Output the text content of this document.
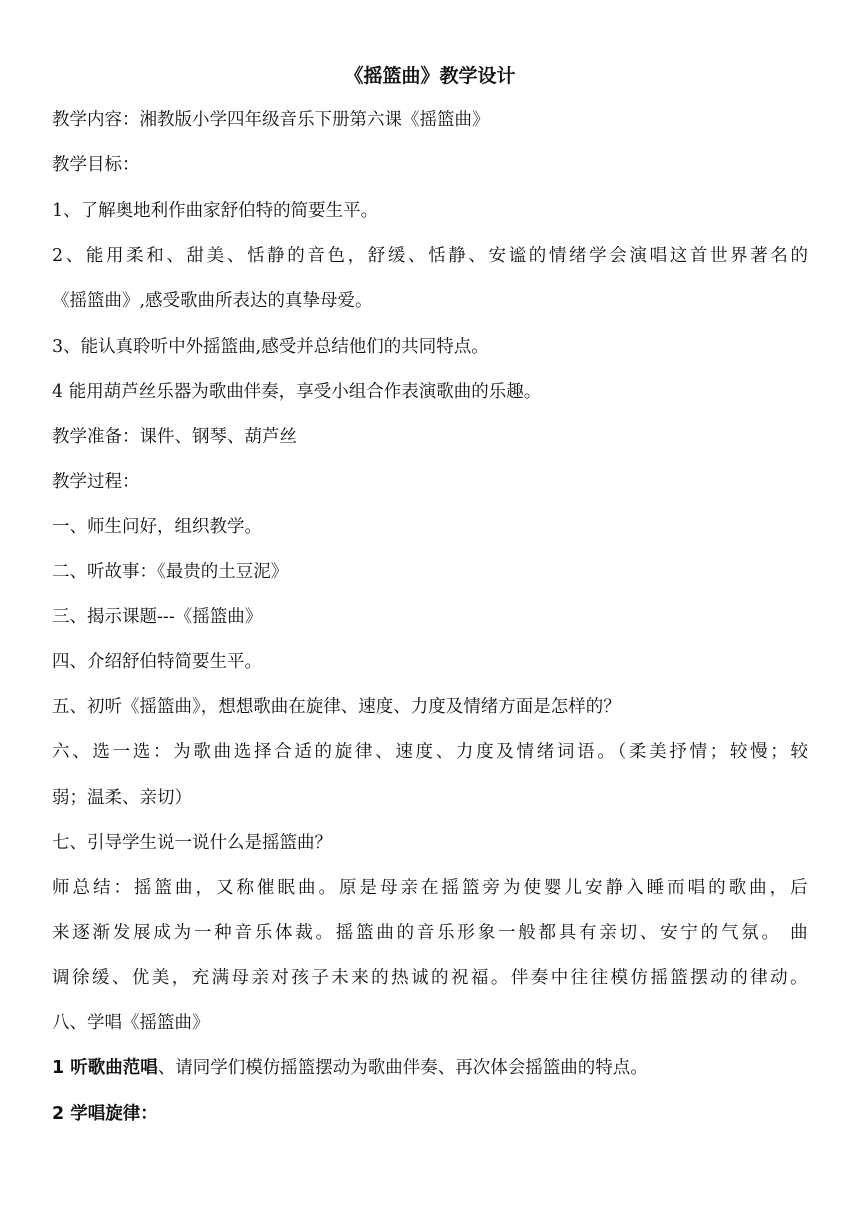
《摇篮曲》教学设计
教学内容：湘教版小学四年级音乐下册第六课《摇篮曲》
教学目标：
1、了解奥地利作曲家舒伯特的简要生平。
2、能用柔和、甜美、恬静的音色，舒缓、恬静、安谧的情绪学会演唱这首世界著名的
《摇篮曲》,感受歌曲所表达的真挚母爱。
3、能认真聆听中外摇篮曲,感受并总结他们的共同特点。
4 能用葫芦丝乐器为歌曲伴奏，享受小组合作表演歌曲的乐趣。
教学准备：课件、钢琴、葫芦丝
教学过程：
一、师生问好，组织教学。
二、听故事：《最贵的土豆泥》
三、揭示课题---《摇篮曲》
四、介绍舒伯特简要生平。
五、初听《摇篮曲》，想想歌曲在旋律、速度、力度及情绪方面是怎样的？
六、选一选：为歌曲选择合适的旋律、速度、力度及情绪词语。（柔美抒情；较慢；较
弱；温柔、亲切）
七、引导学生说一说什么是摇篮曲？
师总结：摇篮曲，又称催眠曲。原是母亲在摇篮旁为使婴儿安静入睡而唱的歌曲，后
来逐渐发展成为一种音乐体裁。摇篮曲的音乐形象一般都具有亲切、安宁的气氛。 曲
调徐缓、优美，充满母亲对孩子未来的热诚的祝福。伴奏中往往模仿摇篮摆动的律动。
八、学唱《摇篮曲》
1 听歌曲范唱、请同学们模仿摇篮摆动为歌曲伴奏、再次体会摇篮曲的特点。
2 学唱旋律：
